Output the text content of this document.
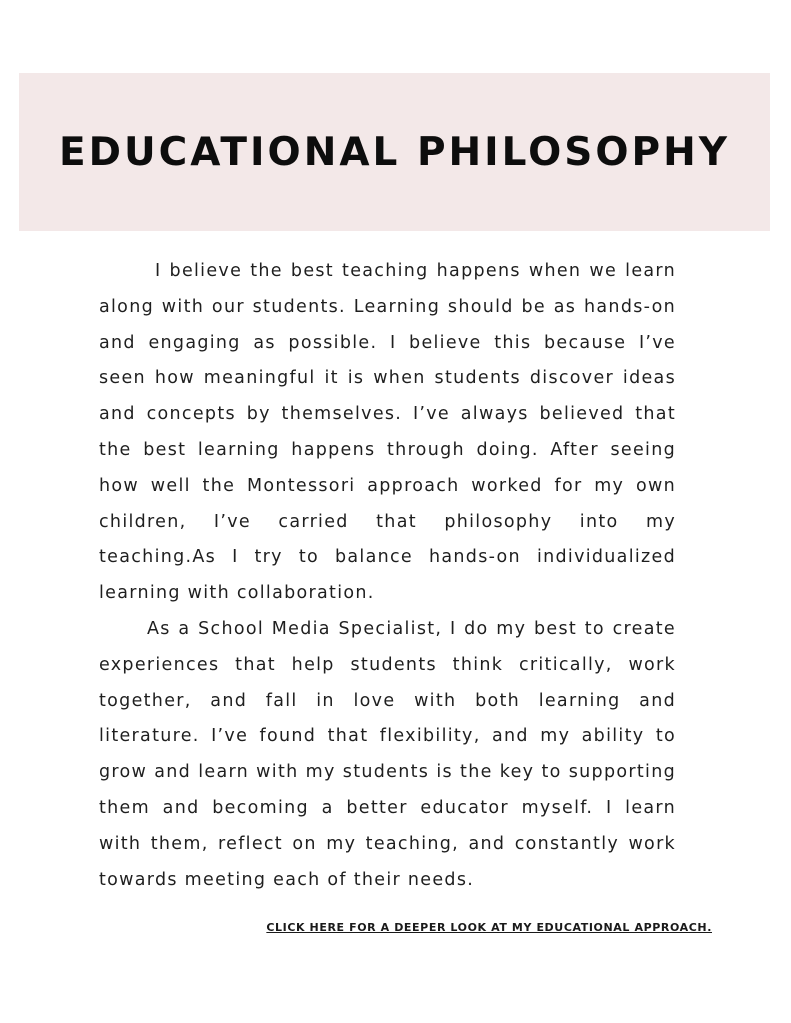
EDUCATIONAL PHILOSOPHY

I believe the best teaching happens when we learn along with our students. Learning should be as hands-on and engaging as possible. I believe this because I’ve seen how meaningful it is when students discover ideas and concepts by themselves. I’ve always believed that the best learning happens through doing. After seeing how well the Montessori approach worked for my own children, I’ve carried that philosophy into my teaching.As I try to balance hands-on individualized learning with collaboration.

As a School Media Specialist, I do my best to create experiences that help students think critically, work together, and fall in love with both learning and literature. I’ve found that flexibility, and my ability to grow and learn with my students is the key to supporting them and becoming a better educator myself. I learn with them, reflect on my teaching, and constantly work towards meeting each of their needs.

CLICK HERE FOR A DEEPER LOOK AT MY EDUCATIONAL APPROACH.
